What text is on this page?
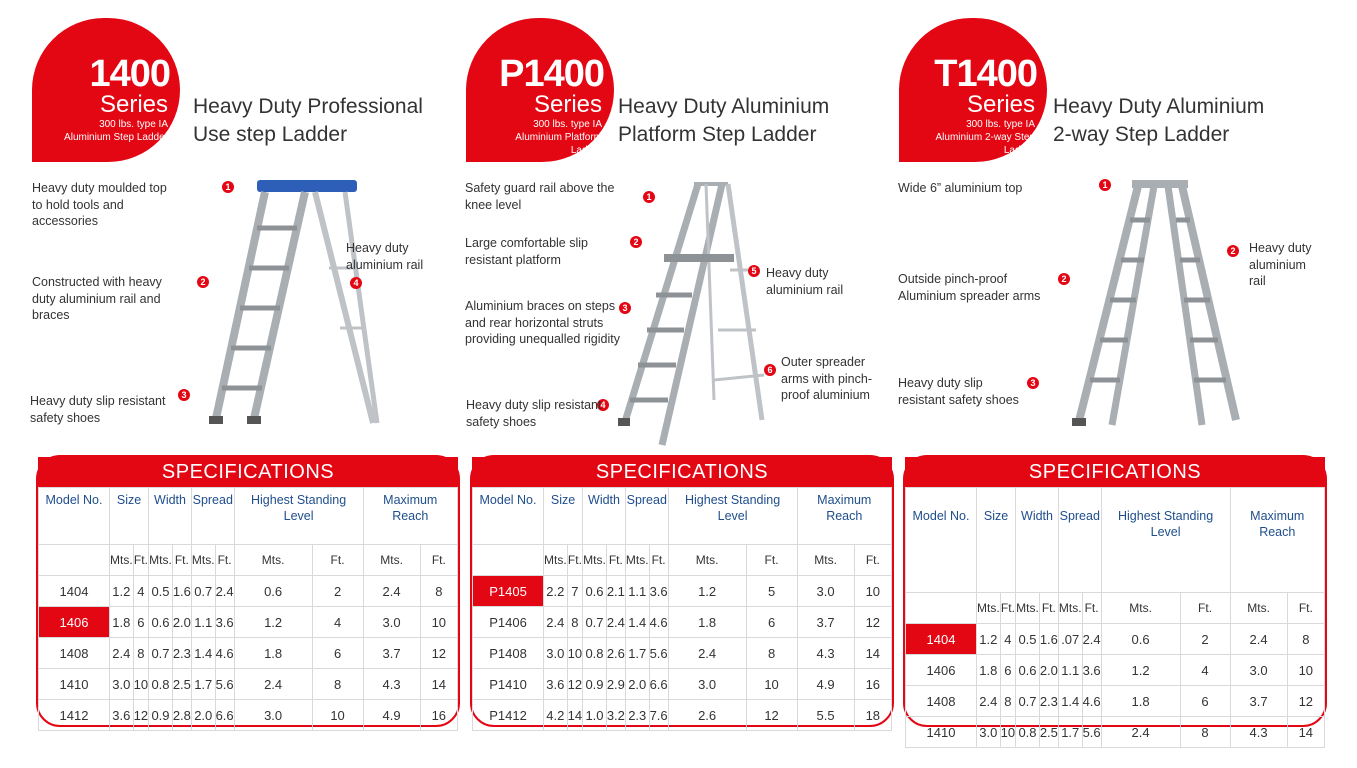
1400
Series
300 lbs. type IA Aluminium Step Ladder
Heavy Duty Professional
Use step Ladder
1
Heavy duty moulded top to hold tools and accessories
2
Constructed with heavy duty aluminium rail and braces
3
Heavy duty slip resistant safety shoes
4
Heavy duty aluminium rail
SPECIFICATIONS
Model No.	Size		Width		Spread		Highest Standing Level		Maximum Reach	
	Mts.	Ft.	Mts.	Ft.	Mts.	Ft.	Mts.	Ft.	Mts.	Ft.
1404	1.2	4	0.5	1.6	0.7	2.4	0.6	2	2.4	8
1406	1.8	6	0.6	2.0	1.1	3.6	1.2	4	3.0	10
1408	2.4	8	0.7	2.3	1.4	4.6	1.8	6	3.7	12
1410	3.0	10	0.8	2.5	1.7	5.6	2.4	8	4.3	14
1412	3.6	12	0.9	2.8	2.0	6.6	3.0	10	4.9	16
P1400
Series
300 lbs. type IA Aluminium Platform Ladder
Heavy Duty Aluminium
Platform Step Ladder
1
Safety guard rail above the knee level
2
Large comfortable slip resistant platform
3
Aluminium braces on steps and rear horizontal struts providing unequalled rigidity
4
Heavy duty slip resistant safety shoes
5 Heavy duty aluminium rail
6
Outer spreader arms with pinch-proof aluminium
SPECIFICATIONS
Model No.	Size		Width		Spread		Highest Standing Level		Maximum Reach	
	Mts.	Ft.	Mts.	Ft.	Mts.	Ft.	Mts.	Ft.	Mts.	Ft.
P1405	2.2	7	0.6	2.1	1.1	3.6	1.2	5	3.0	10
P1406	2.4	8	0.7	2.4	1.4	4.6	1.8	6	3.7	12
P1408	3.0	10	0.8	2.6	1.7	5.6	2.4	8	4.3	14
P1410	3.6	12	0.9	2.9	2.0	6.6	3.0	10	4.9	16
P1412	4.2	14	1.0	3.2	2.3	7.6	2.6	12	5.5	18
T1400
Series
300 lbs. type IA Aluminium 2-way Step Ladder
Heavy Duty Aluminium
2-way Step Ladder
1
Wide 6” aluminium top
2
Outside pinch-proof Aluminium spreader arms
3
Heavy duty slip resistant safety shoes
2 Heavy duty aluminium rail
SPECIFICATIONS
Model No.	Size		Width		Spread		Highest Standing Level		Maximum Reach	
	Mts.	Ft.	Mts.	Ft.	Mts.	Ft.	Mts.	Ft.	Mts.	Ft.
1404	1.2	4	0.5	1.6	.07	2.4	0.6	2	2.4	8
1406	1.8	6	0.6	2.0	1.1	3.6	1.2	4	3.0	10
1408	2.4	8	0.7	2.3	1.4	4.6	1.8	6	3.7	12
1410	3.0	10	0.8	2.5	1.7	5.6	2.4	8	4.3	14
